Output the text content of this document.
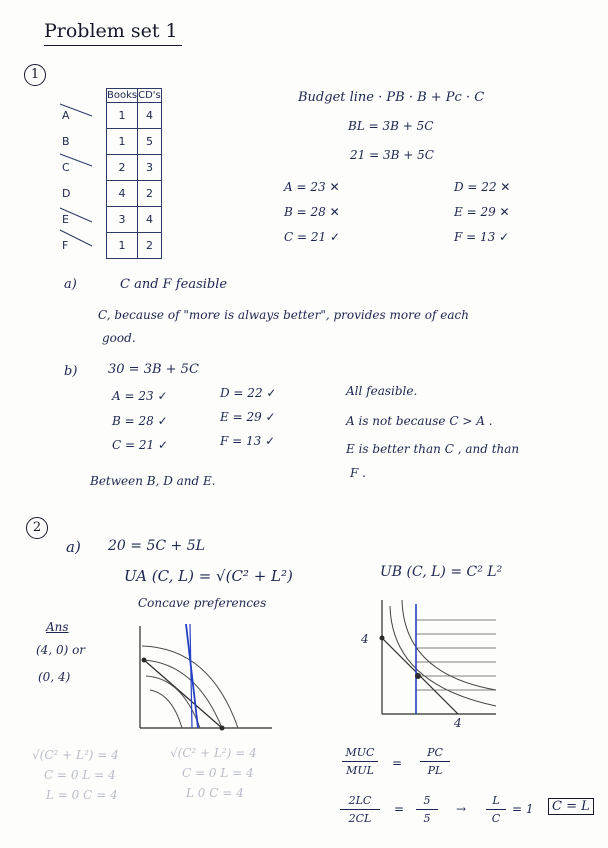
Problem set 1
1
	Books	CD's
A	1	4
B	1	5
C	2	3
D	4	2
E	3	4
F	1	2
Budget line · PB · B + Pc · C
BL = 3B + 5C
21 = 3B + 5C
A = 23 ✕
B = 28 ✕
C = 21 ✓
D = 22 ✕
E = 29 ✕
F = 13 ✓
a)	C and F feasible
C, because of "more is always better", provides more of each
good.
b) 30 = 3B + 5C
A = 23 ✓
B = 28 ✓
C = 21 ✓
D = 22 ✓
E = 29 ✓
F = 13 ✓
All feasible.
A is not because C > A .
E is better than C , and than
F .
Between B, D and E.
2
a) 20 = 5C + 5L
UA (C, L) = √(C² + L²)	UB (C, L) = C² L²
Concave preferences
Ans
(4, 0) or
(0, 4)
4
4
√(C² + L²) = 4
C = 0 L = 4
L = 0 C = 4
√(C² + L²) = 4
C = 0 L = 4
L 0 C = 4
MUC
MUL
=
PC
PL
2LC
2CL
=
5
5
→
L
C
= 1	C = L
